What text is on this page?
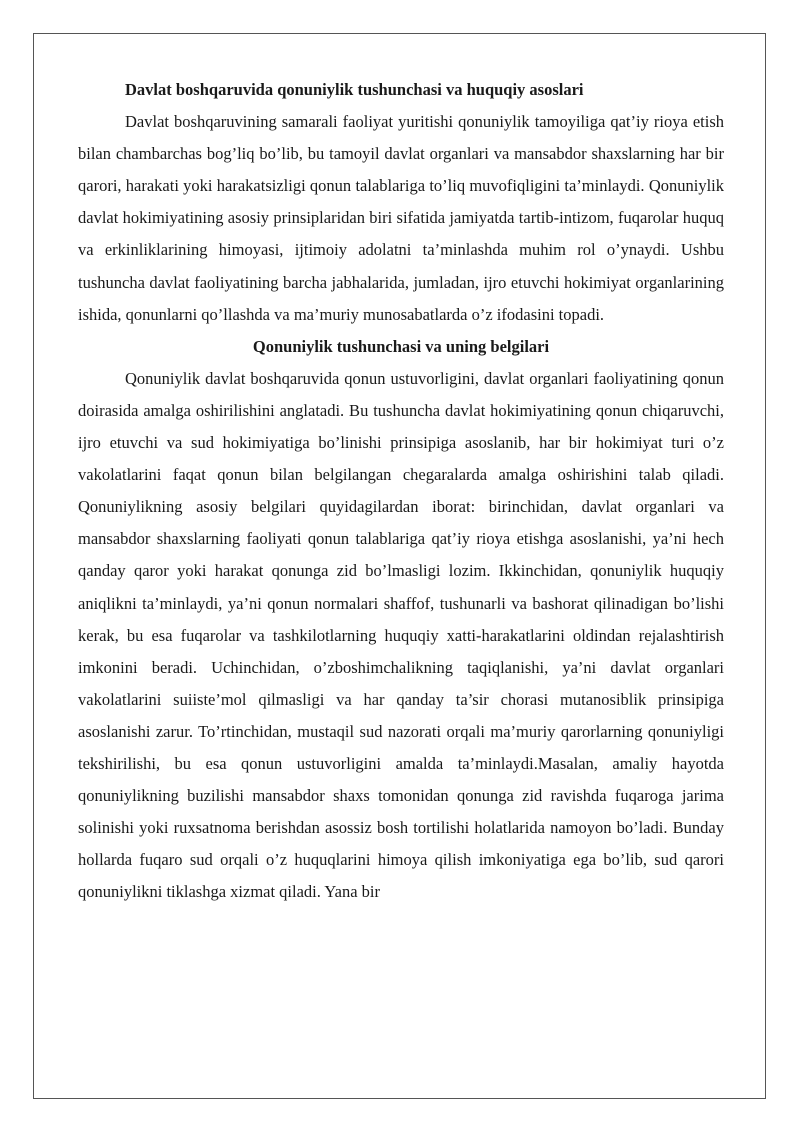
Davlat boshqaruvida qonuniylik tushunchasi va huquqiy asoslari

Davlat boshqaruvining samarali faoliyat yuritishi qonuniylik tamoyiliga qat’iy rioya etish bilan chambarchas bog’liq bo’lib, bu tamoyil davlat organlari va mansabdor shaxslarning har bir qarori, harakati yoki harakatsizligi qonun talablariga to’liq muvofiqligini ta’minlaydi. Qonuniylik davlat hokimiyatining asosiy prinsiplaridan biri sifatida jamiyatda tartib-intizom, fuqarolar huquq va erkinliklarining himoyasi, ijtimoiy adolatni ta’minlashda muhim rol o’ynaydi. Ushbu tushuncha davlat faoliyatining barcha jabhalarida, jumladan, ijro etuvchi hokimiyat organlarining ishida, qonunlarni qo’llashda va ma’muriy munosabatlarda o’z ifodasini topadi.

Qonuniylik tushunchasi va uning belgilari

Qonuniylik davlat boshqaruvida qonun ustuvorligini, davlat organlari faoliyatining qonun doirasida amalga oshirilishini anglatadi. Bu tushuncha davlat hokimiyatining qonun chiqaruvchi, ijro etuvchi va sud hokimiyatiga bo’linishi prinsipiga asoslanib, har bir hokimiyat turi o’z vakolatlarini faqat qonun bilan belgilangan chegaralarda amalga oshirishini talab qiladi. Qonuniylikning asosiy belgilari quyidagilardan iborat: birinchidan, davlat organlari va mansabdor shaxslarning faoliyati qonun talablariga qat’iy rioya etishga asoslanishi, ya’ni hech qanday qaror yoki harakat qonunga zid bo’lmasligi lozim. Ikkinchidan, qonuniylik huquqiy aniqlikni ta’minlaydi, ya’ni qonun normalari shaffof, tushunarli va bashorat qilinadigan bo’lishi kerak, bu esa fuqarolar va tashkilotlarning huquqiy xatti-harakatlarini oldindan rejalashtirish imkonini beradi. Uchinchidan, o’zboshimchalikning taqiqlanishi, ya’ni davlat organlari vakolatlarini suiiste’mol qilmasligi va har qanday ta’sir chorasi mutanosiblik prinsipiga asoslanishi zarur. To’rtinchidan, mustaqil sud nazorati orqali ma’muriy qarorlarning qonuniyligi tekshirilishi, bu esa qonun ustuvorligini amalda ta’minlaydi.Masalan, amaliy hayotda qonuniylikning buzilishi mansabdor shaxs tomonidan qonunga zid ravishda fuqaroga jarima solinishi yoki ruxsatnoma berishdan asossiz bosh tortilishi holatlarida namoyon bo’ladi. Bunday hollarda fuqaro sud orqali o’z huquqlarini himoya qilish imkoniyatiga ega bo’lib, sud qarori qonuniylikni tiklashga xizmat qiladi. Yana bir
